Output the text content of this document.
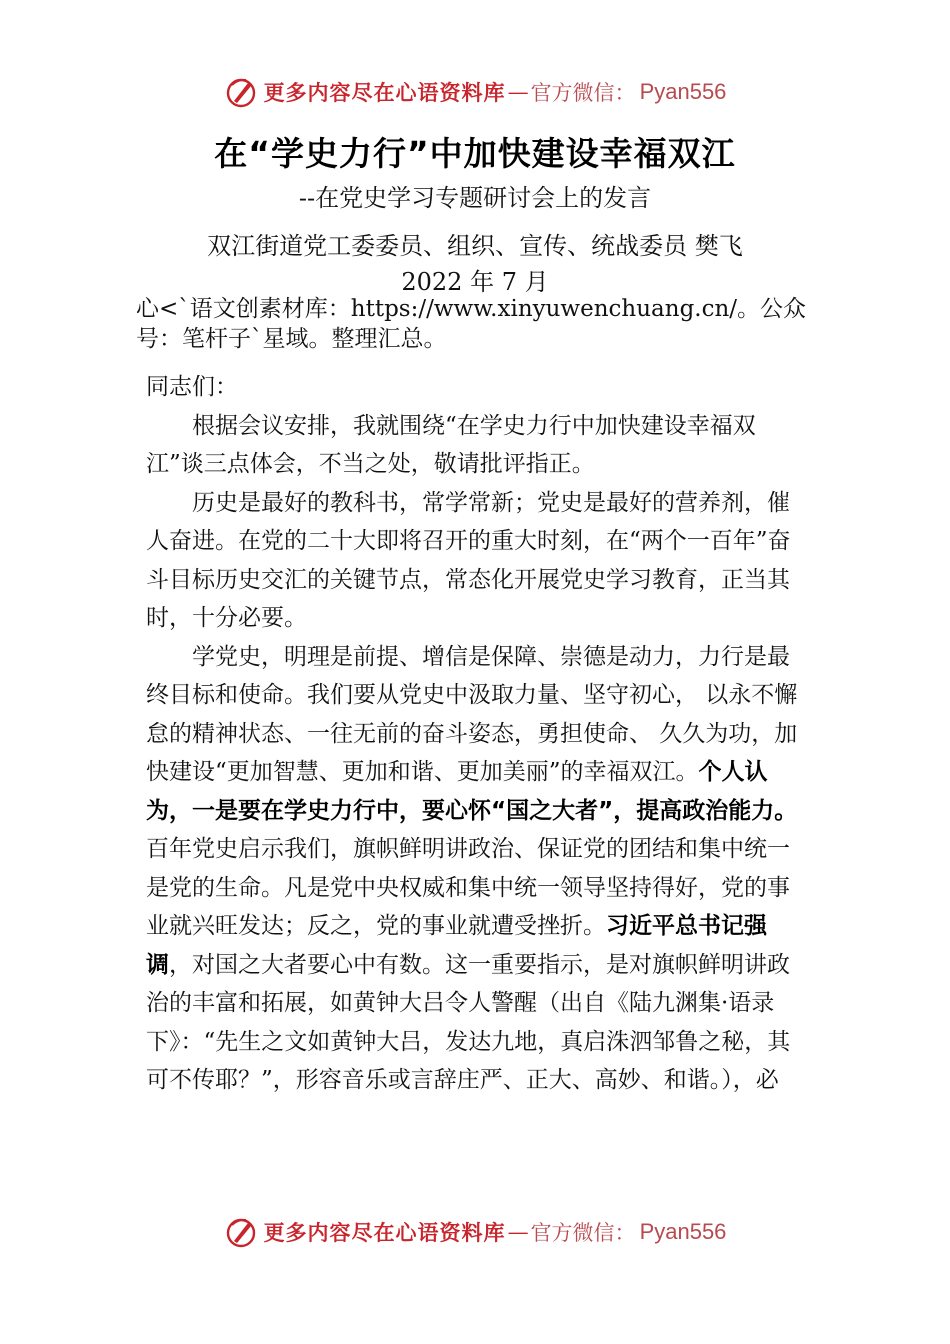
更多内容尽在心语资料库 — 官方微信： Pyan556
在“学史力行”中加快建设幸福双江
--在党史学习专题研讨会上的发言
双江街道党工委委员、组织、宣传、统战委员 樊飞
2022 年 7 月
心<`语文创素材库：https://www.xinyuwenchuang.cn/。公众号：笔杆子`星域。整理汇总。

同志们：

根据会议安排，我就围绕“在学史力行中加快建设幸福双江”谈三点体会，不当之处，敬请批评指正。

历史是最好的教科书，常学常新；党史是最好的营养剂，催人奋进。在党的二十大即将召开的重大时刻，在“两个一百年”奋斗目标历史交汇的关键节点，常态化开展党史学习教育，正当其时，十分必要。

学党史，明理是前提、增信是保障、崇德是动力，力行是最终目标和使命。我们要从党史中汲取力量、坚守初心， 以永不懈怠的精神状态、一往无前的奋斗姿态，勇担使命、 久久为功，加快建设“更加智慧、更加和谐、更加美丽”的幸福双江。个人认为，一是要在学史力行中，要心怀“国之大者”，提高政治能力。百年党史启示我们，旗帜鲜明讲政治、保证党的团结和集中统一是党的生命。凡是党中央权威和集中统一领导坚持得好，党的事业就兴旺发达；反之，党的事业就遭受挫折。习近平总书记强调，对国之大者要心中有数。这一重要指示，是对旗帜鲜明讲政治的丰富和拓展，如黄钟大吕令人警醒（出自《陆九渊集·语录下》：“先生之文如黄钟大吕，发达九地，真启洙泗邹鲁之秘，其可不传耶？”，形容音乐或言辞庄严、正大、高妙、和谐。），必

更多内容尽在心语资料库 — 官方微信： Pyan556
